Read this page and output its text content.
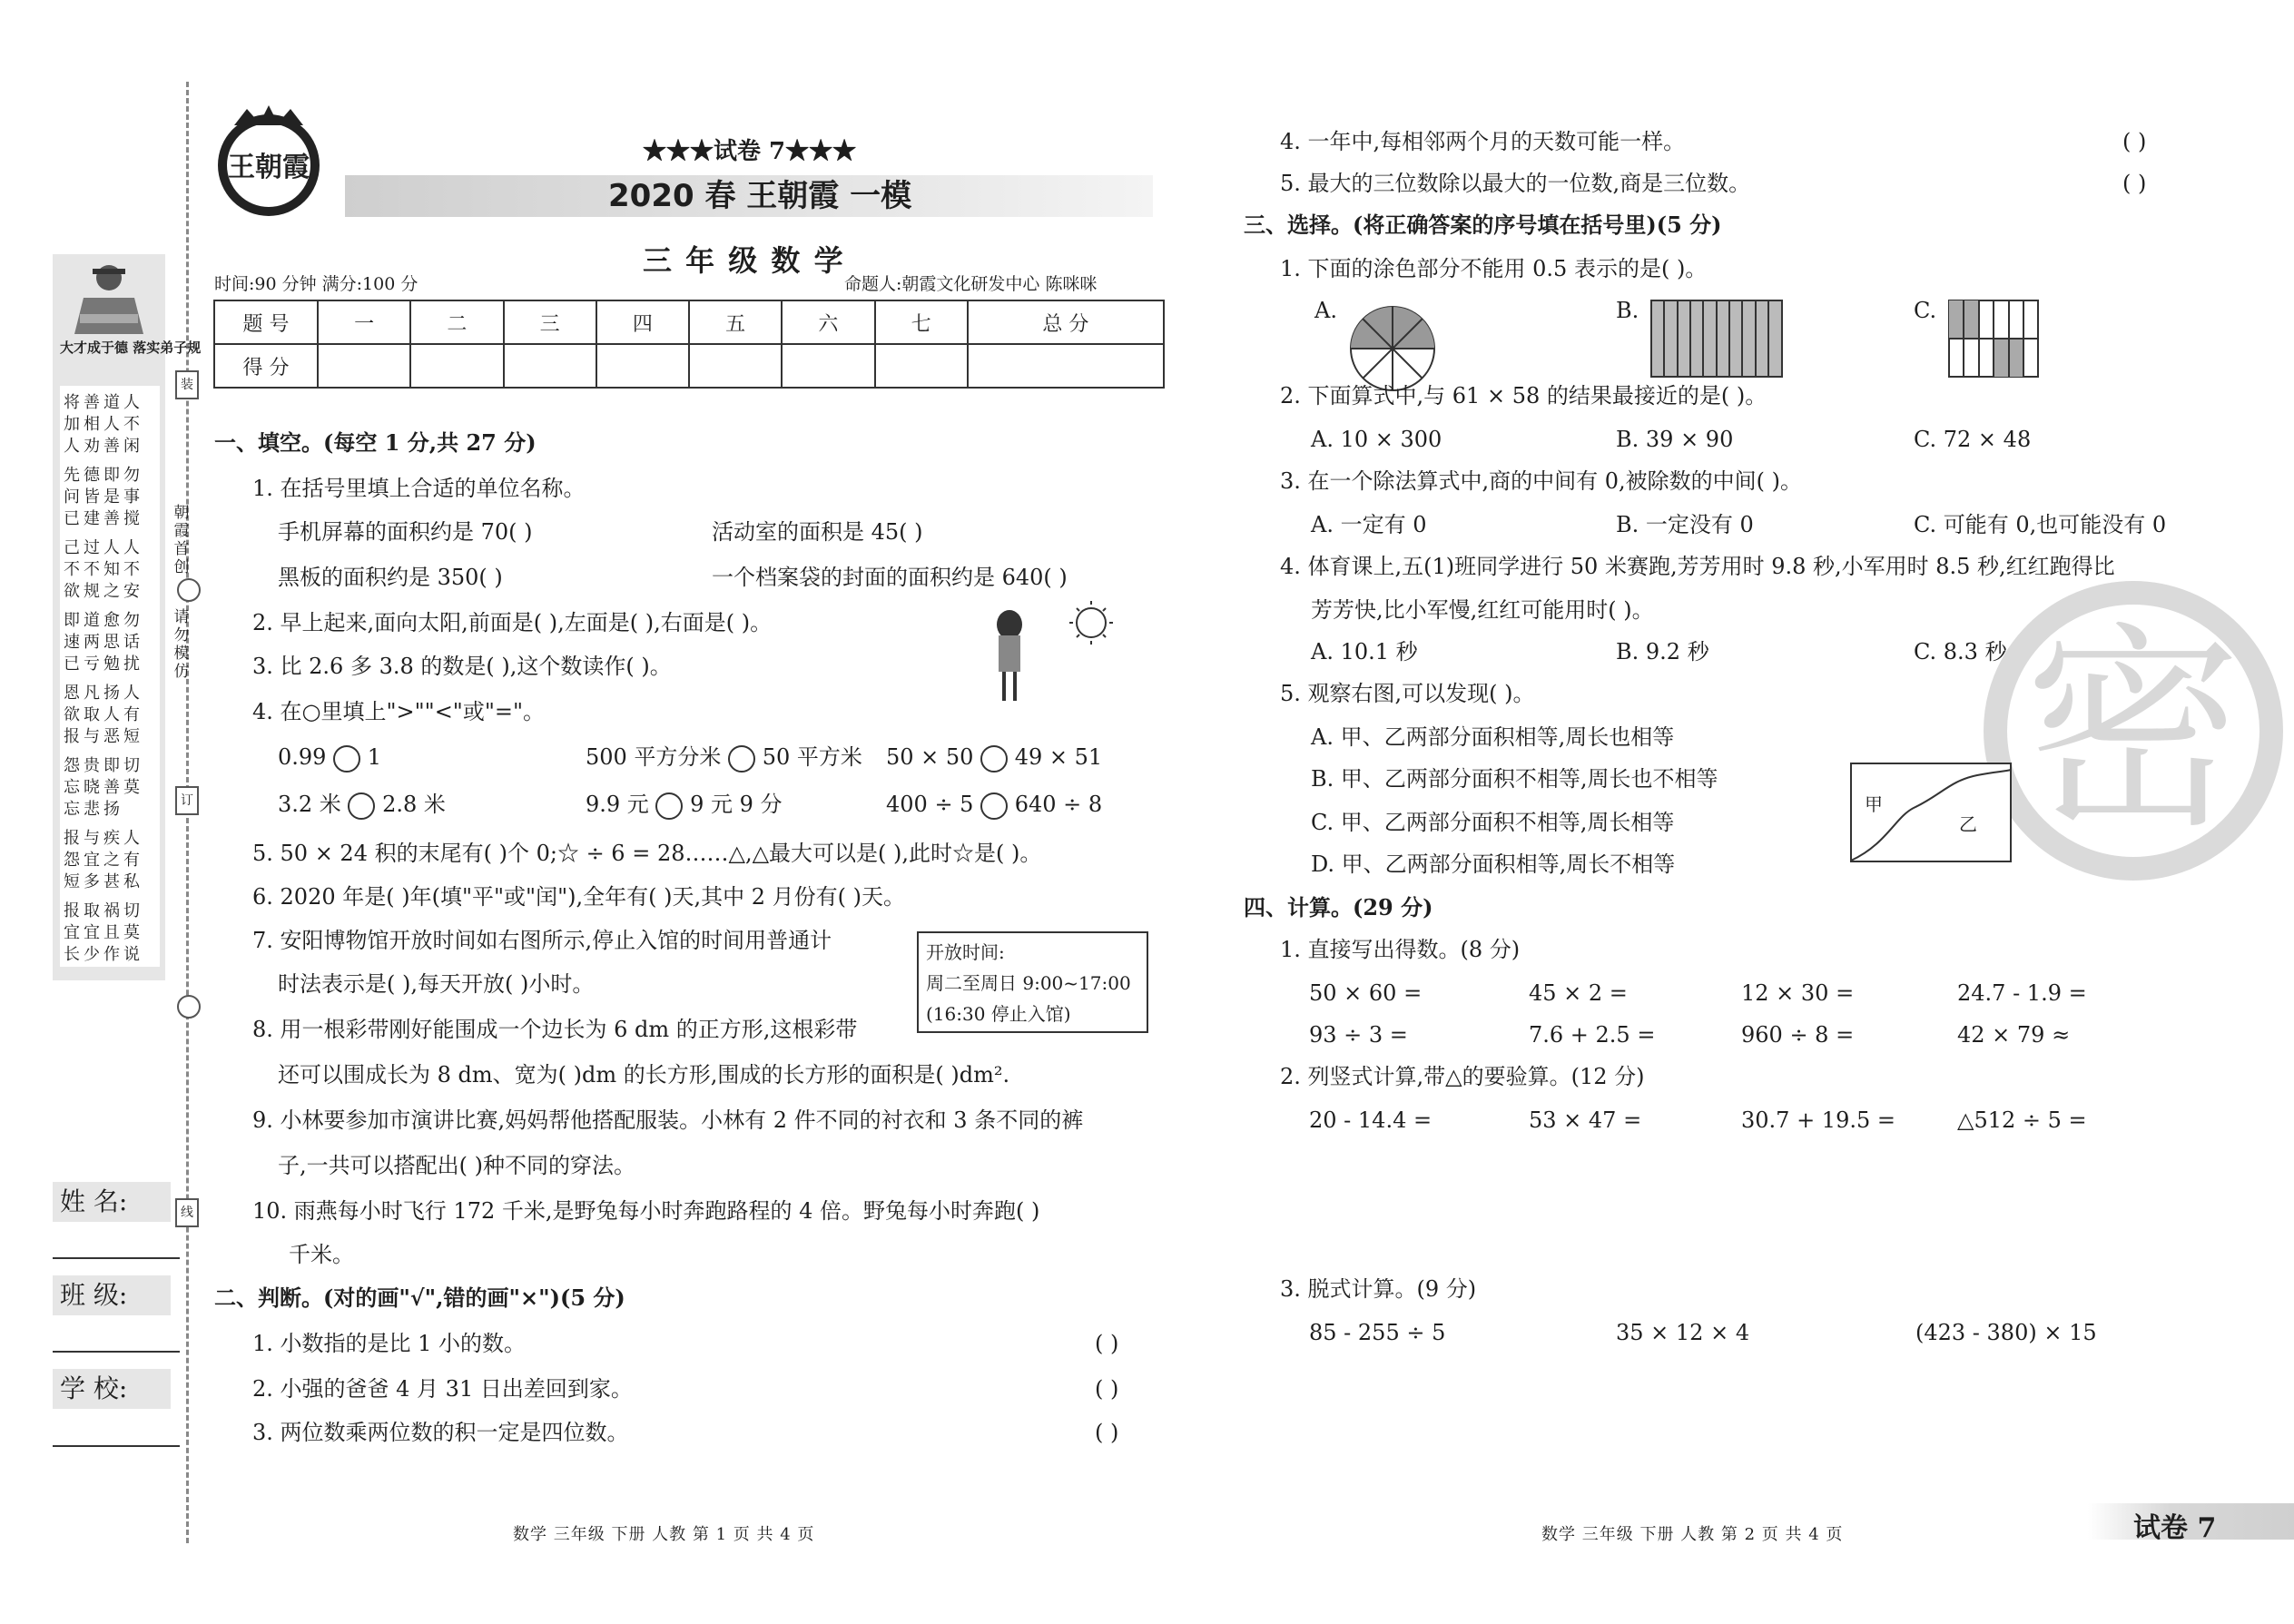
装
朝霞首创
请勿模仿
订
线
大才成于德 落实弟子规
姓 名:
班 级:
学 校:
王朝霞	★★★试卷 7★★★
2020 春 王朝霞 一模
三 年 级 数 学
时间:90 分钟 满分:100 分	命题人:朝霞文化研发中心 陈咪咪
题 号	一	二	三	四	五	六	七	总 分
得 分								
一、填空。(每空 1 分,共 27 分)
1. 在括号里填上合适的单位名称。
手机屏幕的面积约是 70( )	活动室的面积是 45( )
黑板的面积约是 350( )	一个档案袋的封面的面积约是 640( )
2. 早上起来,面向太阳,前面是( ),左面是( ),右面是( )。
3. 比 2.6 多 3.8 的数是( ),这个数读作( )。
4. 在○里填上">""<"或"="。
0.99 1	500 平方分米 50 平方米 50 × 50 49 × 51
3.2 米 2.8 米	9.9 元 9 元 9 分	400 ÷ 5 640 ÷ 8
5. 50 × 24 积的末尾有( )个 0;☆ ÷ 6 = 28……△,△最大可以是( ),此时☆是( )。
6. 2020 年是( )年(填"平"或"闰"),全年有( )天,其中 2 月份有( )天。
7. 安阳博物馆开放时间如右图所示,停止入馆的时间用普通计
时法表示是( ),每天开放( )小时。
开放时间:
周二至周日 9:00~17:00
(16:30 停止入馆)
8. 用一根彩带刚好能围成一个边长为 6 dm 的正方形,这根彩带
还可以围成长为 8 dm、宽为( )dm 的长方形,围成的长方形的面积是( )dm².
9. 小林要参加市演讲比赛,妈妈帮他搭配服装。小林有 2 件不同的衬衣和 3 条不同的裤
子,一共可以搭配出( )种不同的穿法。
10. 雨燕每小时飞行 172 千米,是野兔每小时奔跑路程的 4 倍。野兔每小时奔跑( )
千米。
二、判断。(对的画"√",错的画"×")(5 分)
1. 小数指的是比 1 小的数。	( )
2. 小强的爸爸 4 月 31 日出差回到家。	( )
3. 两位数乘两位数的积一定是四位数。	( )
数学 三年级 下册 人教 第 1 页 共 4 页
密
4. 一年中,每相邻两个月的天数可能一样。	( )
5. 最大的三位数除以最大的一位数,商是三位数。	( )
三、选择。(将正确答案的序号填在括号里)(5 分)
1. 下面的涂色部分不能用 0.5 表示的是( )。
A.	B.	C.
2. 下面算式中,与 61 × 58 的结果最接近的是( )。
A. 10 × 300	B. 39 × 90	C. 72 × 48
3. 在一个除法算式中,商的中间有 0,被除数的中间( )。
A. 一定有 0	B. 一定没有 0	C. 可能有 0,也可能没有 0
4. 体育课上,五(1)班同学进行 50 米赛跑,芳芳用时 9.8 秒,小军用时 8.5 秒,红红跑得比
芳芳快,比小军慢,红红可能用时( )。
A. 10.1 秒	B. 9.2 秒	C. 8.3 秒
5. 观察右图,可以发现( )。
A. 甲、乙两部分面积相等,周长也相等
B. 甲、乙两部分面积不相等,周长也不相等
C. 甲、乙两部分面积不相等,周长相等
D. 甲、乙两部分面积相等,周长不相等
甲
乙
四、计算。(29 分)
1. 直接写出得数。(8 分)
50 × 60 =	45 × 2 =	12 × 30 =	24.7 - 1.9 =
93 ÷ 3 =	7.6 + 2.5 =	960 ÷ 8 =	42 × 79 ≈
2. 列竖式计算,带△的要验算。(12 分)
20 - 14.4 =	53 × 47 =	30.7 + 19.5 =	△512 ÷ 5 =
3. 脱式计算。(9 分)
85 - 255 ÷ 5	35 × 12 × 4	(423 - 380) × 15
数学 三年级 下册 人教 第 2 页 共 4 页	试卷 7
将善道人加相人不人劝善闲
先德即勿问皆是事已建善搅
己过人人不不知不欲规之安
即道愈勿速两思话已亏勉扰
恩凡扬人欲取人有报与恶短
怨贵即切忘晓善莫忘悲扬
报与疾人怨宜之有短多甚私
报取祸切宜宜且莫长少作说
